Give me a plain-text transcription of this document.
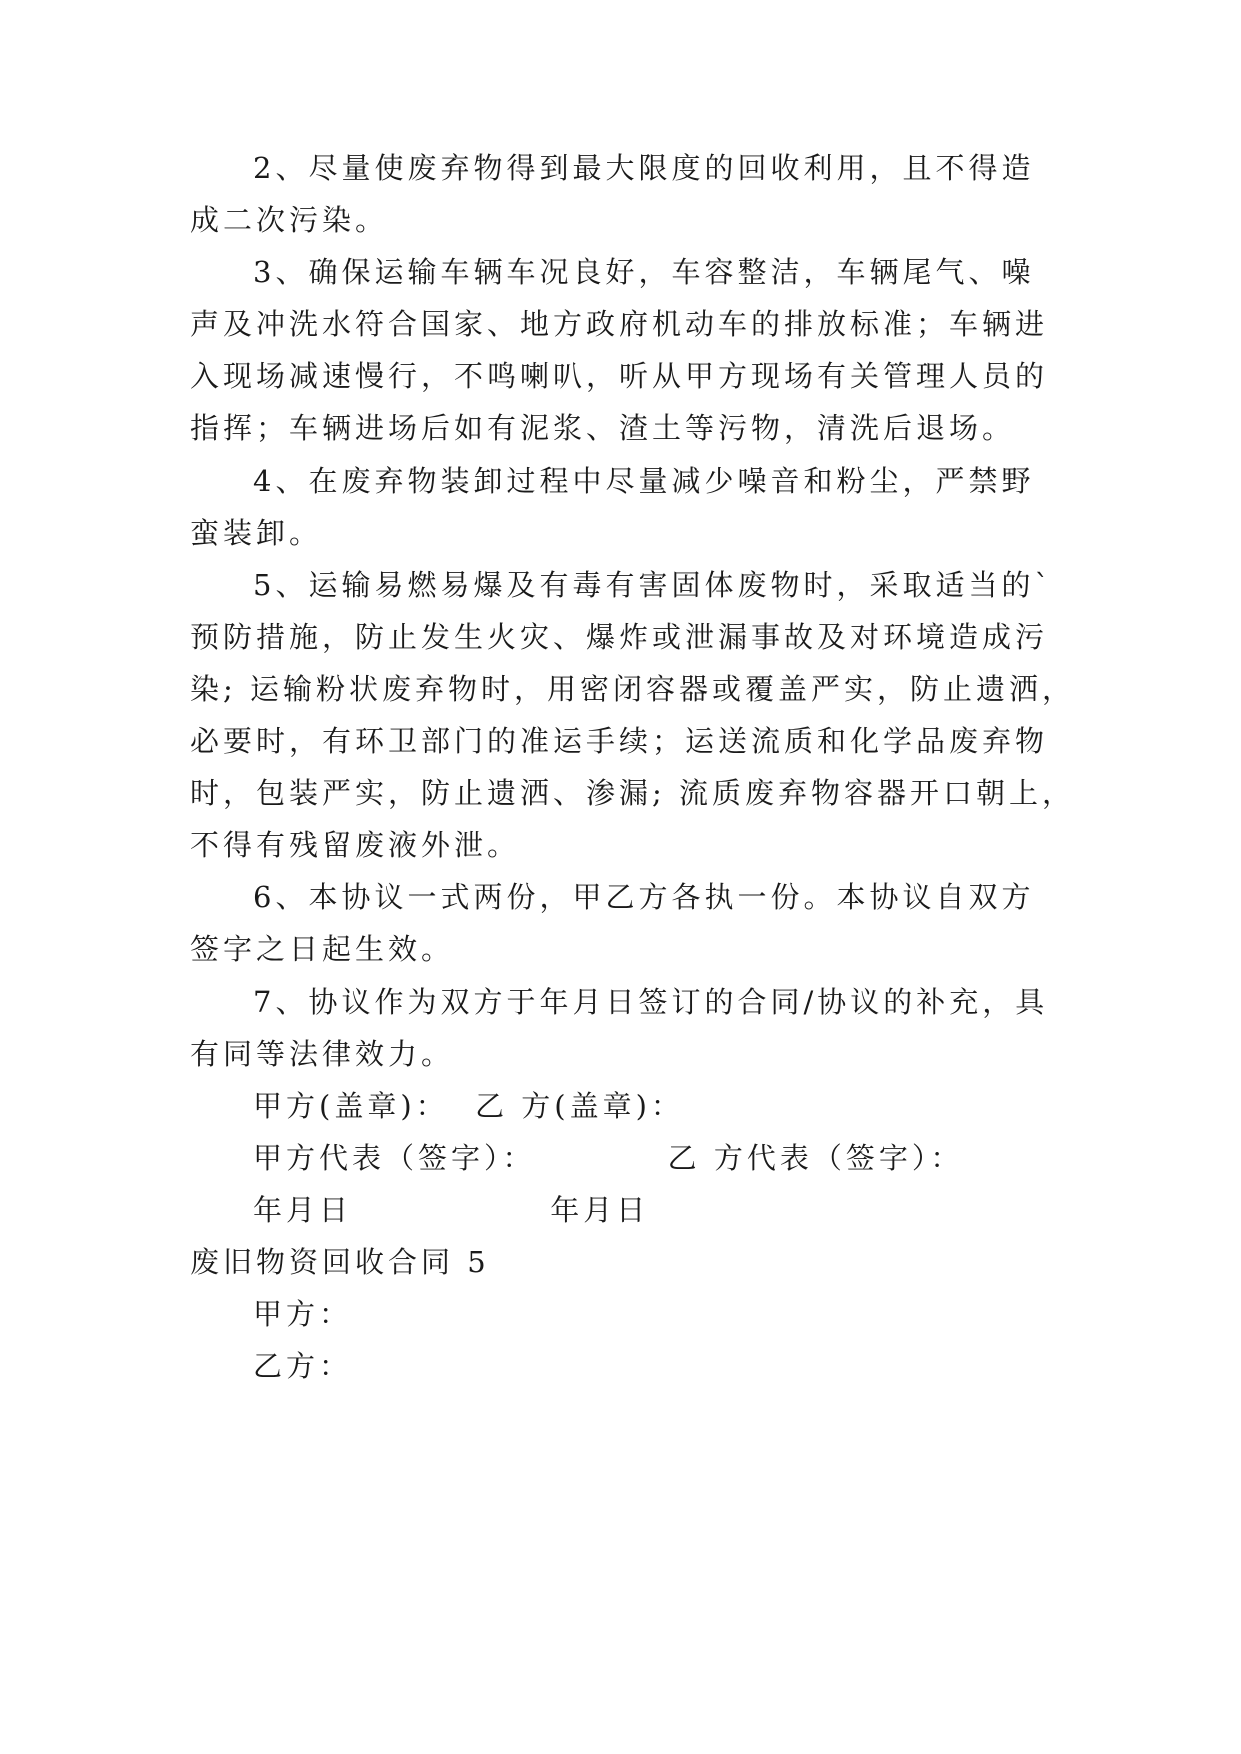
2、尽量使废弃物得到最大限度的回收利用，且不得造
成二次污染。
3、确保运输车辆车况良好，车容整洁，车辆尾气、噪
声及冲洗水符合国家、地方政府机动车的排放标准；车辆进
入现场减速慢行，不鸣喇叭，听从甲方现场有关管理人员的
指挥；车辆进场后如有泥浆、渣土等污物，清洗后退场。
4、在废弃物装卸过程中尽量减少噪音和粉尘，严禁野
蛮装卸。
5、运输易燃易爆及有毒有害固体废物时，采取适当的`
预防措施，防止发生火灾、爆炸或泄漏事故及对环境造成污
染; 运输粉状废弃物时，用密闭容器或覆盖严实，防止遗洒，
必要时，有环卫部门的准运手续；运送流质和化学品废弃物
时，包装严实，防止遗洒、渗漏; 流质废弃物容器开口朝上，
不得有残留废液外泄。
6、本协议一式两份，甲乙方各执一份。本协议自双方
签字之日起生效。
7、协议作为双方于年月日签订的合同/协议的补充，具
有同等法律效力。
甲方(盖章)：  乙 方(盖章)：
甲方代表（签字）：          乙 方代表（签字）：
年月日               年月日
废旧物资回收合同 5
甲方：
乙方：
